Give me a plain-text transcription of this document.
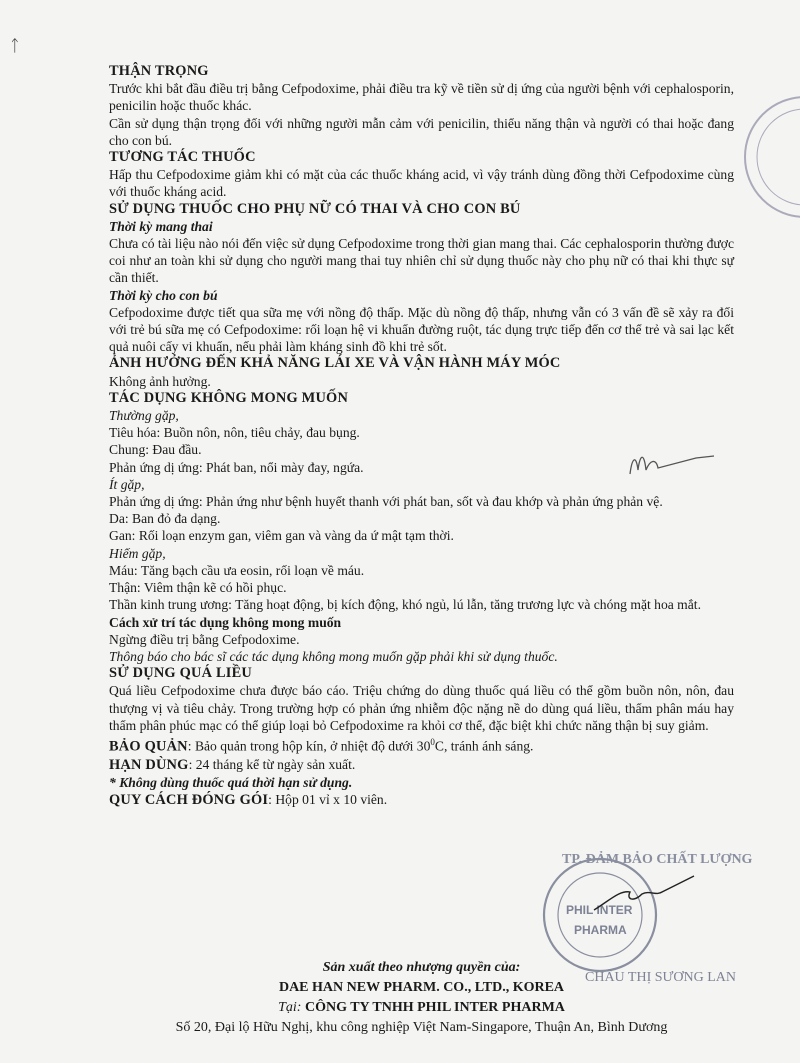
ᛏ

THẬN TRỌNG

Trước khi bắt đầu điều trị bằng Cefpodoxime, phải điều tra kỹ về tiền sử dị ứng của người bệnh với cephalosporin, penicilin hoặc thuốc khác.

Cần sử dụng thận trọng đối với những người mẫn cảm với penicilin, thiểu năng thận và người có thai hoặc đang cho con bú.

TƯƠNG TÁC THUỐC

Hấp thu Cefpodoxime giảm khi có mặt của các thuốc kháng acid, vì vậy tránh dùng đồng thời Cefpodoxime cùng với thuốc kháng acid.

SỬ DỤNG THUỐC CHO PHỤ NỮ CÓ THAI VÀ CHO CON BÚ

Thời kỳ mang thai

Chưa có tài liệu nào nói đến việc sử dụng Cefpodoxime trong thời gian mang thai. Các cephalosporin thường được coi như an toàn khi sử dụng cho người mang thai tuy nhiên chỉ sử dụng thuốc này cho phụ nữ có thai khi thực sự cần thiết.

Thời kỳ cho con bú

Cefpodoxime được tiết qua sữa mẹ với nồng độ thấp. Mặc dù nồng độ thấp, nhưng vẫn có 3 vấn đề sẽ xảy ra đối với trẻ bú sữa mẹ có Cefpodoxime: rối loạn hệ vi khuẩn đường ruột, tác dụng trực tiếp đến cơ thể trẻ và sai lạc kết quả nuôi cấy vi khuẩn, nếu phải làm kháng sinh đồ khi trẻ sốt.

ẢNH HƯỞNG ĐẾN KHẢ NĂNG LÁI XE VÀ VẬN HÀNH MÁY MÓC

Không ảnh hưởng.

TÁC DỤNG KHÔNG MONG MUỐN

Thường gặp,

Tiêu hóa: Buồn nôn, nôn, tiêu chảy, đau bụng.

Chung: Đau đầu.

Phản ứng dị ứng: Phát ban, nổi mày đay, ngứa.

Ít gặp,

Phản ứng dị ứng: Phản ứng như bệnh huyết thanh với phát ban, sốt và đau khớp và phản ứng phản vệ.

Da: Ban đỏ đa dạng.

Gan: Rối loạn enzym gan, viêm gan và vàng da ứ mật tạm thời.

Hiếm gặp,

Máu: Tăng bạch cầu ưa eosin, rối loạn về máu.

Thận: Viêm thận kẽ có hồi phục.

Thần kinh trung ương: Tăng hoạt động, bị kích động, khó ngủ, lú lẫn, tăng trương lực và chóng mặt hoa mắt.

Cách xử trí tác dụng không mong muốn

Ngừng điều trị bằng Cefpodoxime.

Thông báo cho bác sĩ các tác dụng không mong muốn gặp phải khi sử dụng thuốc.

SỬ DỤNG QUÁ LIỀU

Quá liều Cefpodoxime chưa được báo cáo. Triệu chứng do dùng thuốc quá liều có thể gồm buồn nôn, nôn, đau thượng vị và tiêu chảy. Trong trường hợp có phản ứng nhiễm độc nặng nề do dùng quá liều, thẩm phân máu hay thẩm phân phúc mạc có thể giúp loại bỏ Cefpodoxime ra khỏi cơ thể, đặc biệt khi chức năng thận bị suy giảm.

BẢO QUẢN: Bảo quản trong hộp kín, ở nhiệt độ dưới $30^0C$, tránh ánh sáng.

HẠN DÙNG: 24 tháng kể từ ngày sản xuất.

* Không dùng thuốc quá thời hạn sử dụng.

QUY CÁCH ĐÓNG GÓI: Hộp 01 vỉ x 10 viên.

Sản xuất theo nhượng quyền của:
DAE HAN NEW PHARM. CO., LTD., KOREA
Tại: CÔNG TY TNHH PHIL INTER PHARMA
Số 20, Đại lộ Hữu Nghị, khu công nghiệp Việt Nam-Singapore, Thuận An, Bình Dương
PHIL INTER
PHARMA
TP. ĐẢM BẢO CHẤT LƯỢNG
CHÂU THỊ SƯƠNG LAN
